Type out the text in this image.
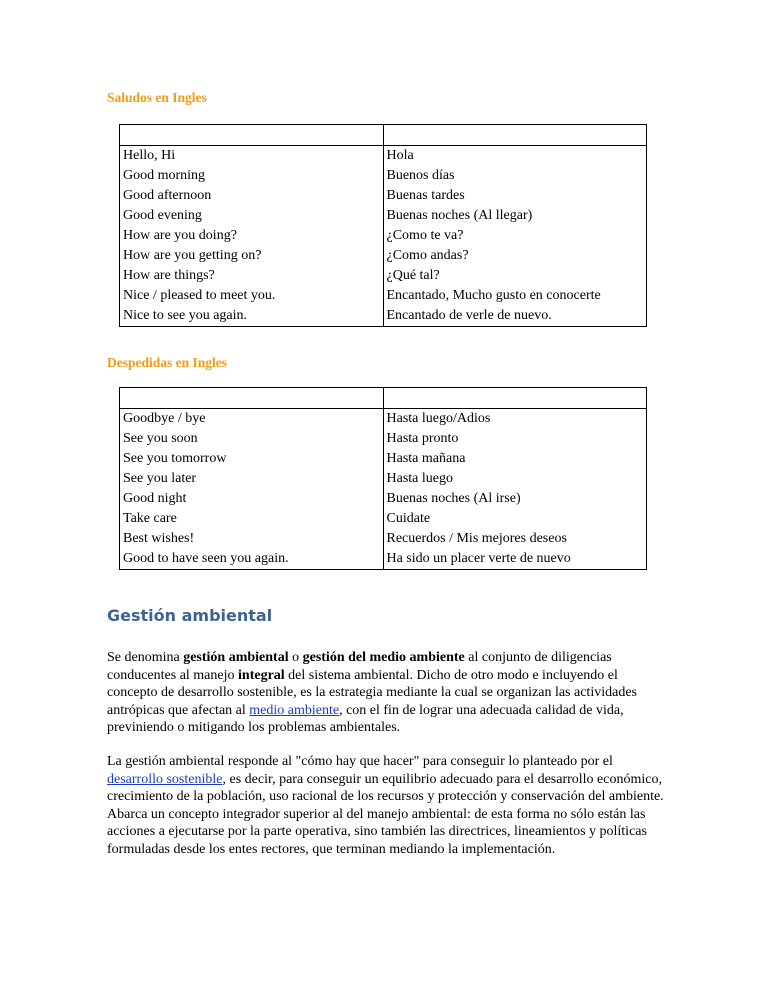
Saludos en Ingles

Hello, Hi	Hola
Good morning	Buenos días
Good afternoon	Buenas tardes
Good evening	Buenas noches (Al llegar)
How are you doing?	¿Como te va?
How are you getting on?	¿Como andas?
How are things?	¿Qué tal?
Nice / pleased to meet you.	Encantado, Mucho gusto en conocerte
Nice to see you again.	Encantado de verle de nuevo.
Despedidas en Ingles

Goodbye / bye	Hasta luego/Adios
See you soon	Hasta pronto
See you tomorrow	Hasta mañana
See you later	Hasta luego
Good night	Buenas noches (Al irse)
Take care	Cuidate
Best wishes!	Recuerdos / Mis mejores deseos
Good to have seen you again.	Ha sido un placer verte de nuevo
Gestión ambiental

Se denomina gestión ambiental o gestión del medio ambiente al conjunto de diligencias conducentes al manejo integral del sistema ambiental. Dicho de otro modo e incluyendo el concepto de desarrollo sostenible, es la estrategia mediante la cual se organizan las actividades antrópicas que afectan al medio ambiente, con el fin de lograr una adecuada calidad de vida, previniendo o mitigando los problemas ambientales.

La gestión ambiental responde al "cómo hay que hacer" para conseguir lo planteado por el desarrollo sostenible, es decir, para conseguir un equilibrio adecuado para el desarrollo económico, crecimiento de la población, uso racional de los recursos y protección y conservación del ambiente. Abarca un concepto integrador superior al del manejo ambiental: de esta forma no sólo están las acciones a ejecutarse por la parte operativa, sino también las directrices, lineamientos y políticas formuladas desde los entes rectores, que terminan mediando la implementación.
